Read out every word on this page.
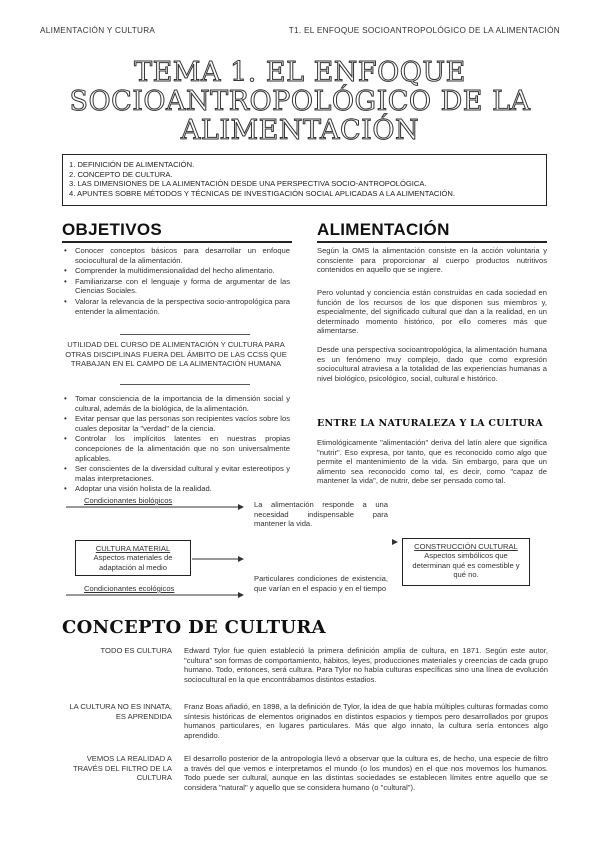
ALIMENTACIÓN Y CULTURA	T1. EL ENFOQUE SOCIOANTROPOLÓGICO DE LA ALIMENTACIÓN
TEMA 1. EL ENFOQUE
SOCIOANTROPOLÓGICO DE LA
ALIMENTACIÓN
1. DEFINICIÓN DE ALIMENTACIÓN.
2. CONCEPTO DE CULTURA.
3. LAS DIMENSIONES DE LA ALIMENTACIÓN DESDE UNA PERSPECTIVA SOCIO-ANTROPOLÓGICA.
4. APUNTES SOBRE MÉTODOS Y TÉCNICAS DE INVESTIGACIÓN SOCIAL APLICADAS A LA ALIMENTACIÓN.
OBJETIVOS
• Conocer conceptos básicos para desarrollar un enfoque sociocultural de la alimentación.
• Comprender la multidimensionalidad del hecho alimentario.
• Familiarizarse con el lenguaje y forma de argumentar de las Ciencias Sociales.
• Valorar la relevancia de la perspectiva socio-antropológica para entender la alimentación.
UTILIDAD DEL CURSO DE ALIMENTACIÓN Y CULTURA PARA OTRAS DISCIPLINAS FUERA DEL ÁMBITO DE LAS CCSS QUE TRABAJAN EN EL CAMPO DE LA ALIMENTACIÓN HUMANA
• Tomar consciencia de la importancia de la dimensión social y cultural, además de la biológica, de la alimentación.
• Evitar pensar que las personas son recipientes vacíos sobre los cuales depositar la "verdad" de la ciencia.
• Controlar los implícitos latentes en nuestras propias concepciones de la alimentación que no son universalmente aplicables.
• Ser conscientes de la diversidad cultural y evitar estereotipos y malas interpretaciones.
• Adoptar una visión holista de la realidad.
ALIMENTACIÓN
Según la OMS la alimentación consiste en la acción voluntaria y consciente para proporcionar al cuerpo productos nutritivos contenidos en aquello que se ingiere.
Pero voluntad y conciencia están construidas en cada sociedad en función de los recursos de los que disponen sus miembros y, especialmente, del significado cultural que dan a la realidad, en un determinado momento histórico, por ello comeres más que alimentarse.
Desde una perspectiva socioantropológica, la alimentación humana es un fenómeno muy complejo, dado que como expresión sociocultural atraviesa a la totalidad de las experiencias humanas a nivel biológico, psicológico, social, cultural e histórico.
ENTRE LA NATURALEZA Y LA CULTURA
Etimológicamente "alimentación" deriva del latín alere que significa "nutrir". Eso expresa, por tanto, que es reconocido como algo que permite el mantenimiento de la vida. Sin embargo, para que un alimento sea reconocido como tal, es decir, como "capaz de mantener la vida", de nutrir, debe ser pensado como tal.
Condicionantes biológicos
CULTURA MATERIAL
Aspectos materiales de adaptación al medio
Condicionantes ecológicos
La alimentación responde a una necesidad indispensable para mantener la vida.
Particulares condiciones de existencia, que varían en el espacio y en el tiempo
CONSTRUCCIÓN CULTURAL
Aspectos simbólicos que determinan qué es comestible y qué no.
CONCEPTO DE CULTURA
TODO ES CULTURA Edward Tylor fue quien estableció la primera definición amplia de cultura, en 1871. Según este autor, "cultura" son formas de comportamiento, hábitos, leyes, producciones materiales y creencias de cada grupo humano. Todo, entonces, será cultura. Para Tylor no había culturas específicas sino una línea de evolución sociocultural en la que encontrábamos distintos estadios.
LA CULTURA NO ES INNATA, ES APRENDIDA
Franz Boas añadió, en 1898, a la definición de Tylor, la idea de que había múltiples culturas formadas como síntesis históricas de elementos originados en distintos espacios y tiempos pero desarrollados por grupos humanos particulares, en lugares particulares. Más que algo innato, la cultura sería entonces algo aprendido.
VEMOS LA REALIDAD A TRAVÉS DEL FILTRO DE LA CULTURA
El desarrollo posterior de la antropología llevó a observar que la cultura es, de hecho, una especie de filtro a través del que vemos e interpretamos el mundo (o los mundos) en el que nos movemos los humanos. Todo puede ser cultural, aunque en las distintas sociedades se establecen límites entre aquello que se considera "natural" y aquello que se considera humano (o "cultural").
